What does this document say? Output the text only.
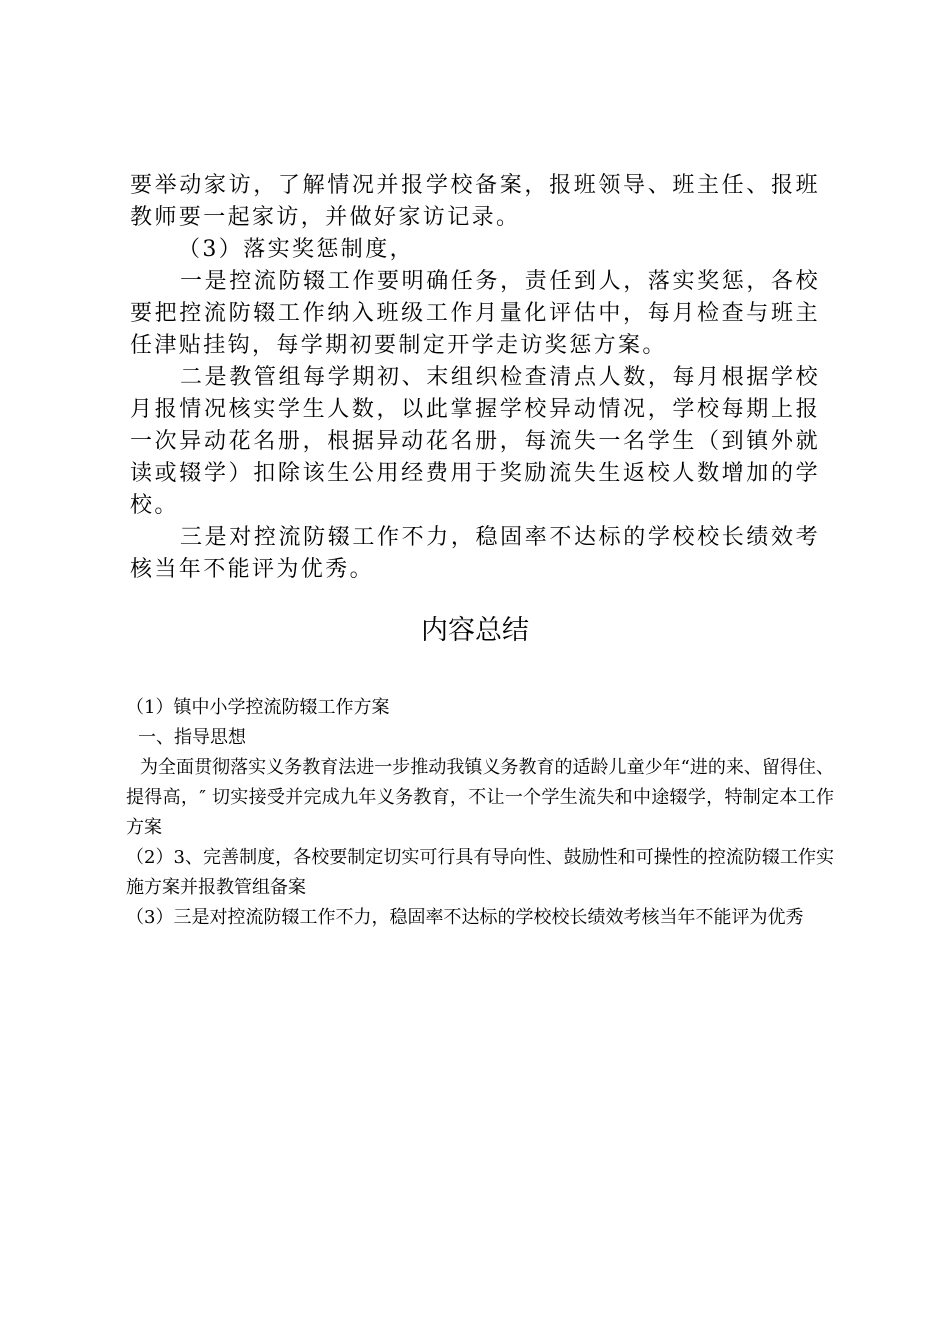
要举动家访，了解情况并报学校备案，报班领导、班主任、报班教师要一起家访，并做好家访记录。

（3）落实奖惩制度，

一是控流防辍工作要明确任务，责任到人，落实奖惩，各校要把控流防辍工作纳入班级工作月量化评估中，每月检查与班主任津贴挂钩，每学期初要制定开学走访奖惩方案。

二是教管组每学期初、末组织检查清点人数，每月根据学校月报情况核实学生人数，以此掌握学校异动情况，学校每期上报一次异动花名册，根据异动花名册，每流失一名学生（到镇外就读或辍学）扣除该生公用经费用于奖励流失生返校人数增加的学校。

三是对控流防辍工作不力，稳固率不达标的学校校长绩效考核当年不能评为优秀。

内容总结

（1）镇中小学控流防辍工作方案

一、指导思想

为全面贯彻落实义务教育法进一步推动我镇义务教育的适龄儿童少年“进的来、留得住、提得高，″ 切实接受并完成九年义务教育，不让一个学生流失和中途辍学，特制定本工作方案

（2）3、完善制度，各校要制定切实可行具有导向性、鼓励性和可操性的控流防辍工作实施方案并报教管组备案

（3）三是对控流防辍工作不力，稳固率不达标的学校校长绩效考核当年不能评为优秀
